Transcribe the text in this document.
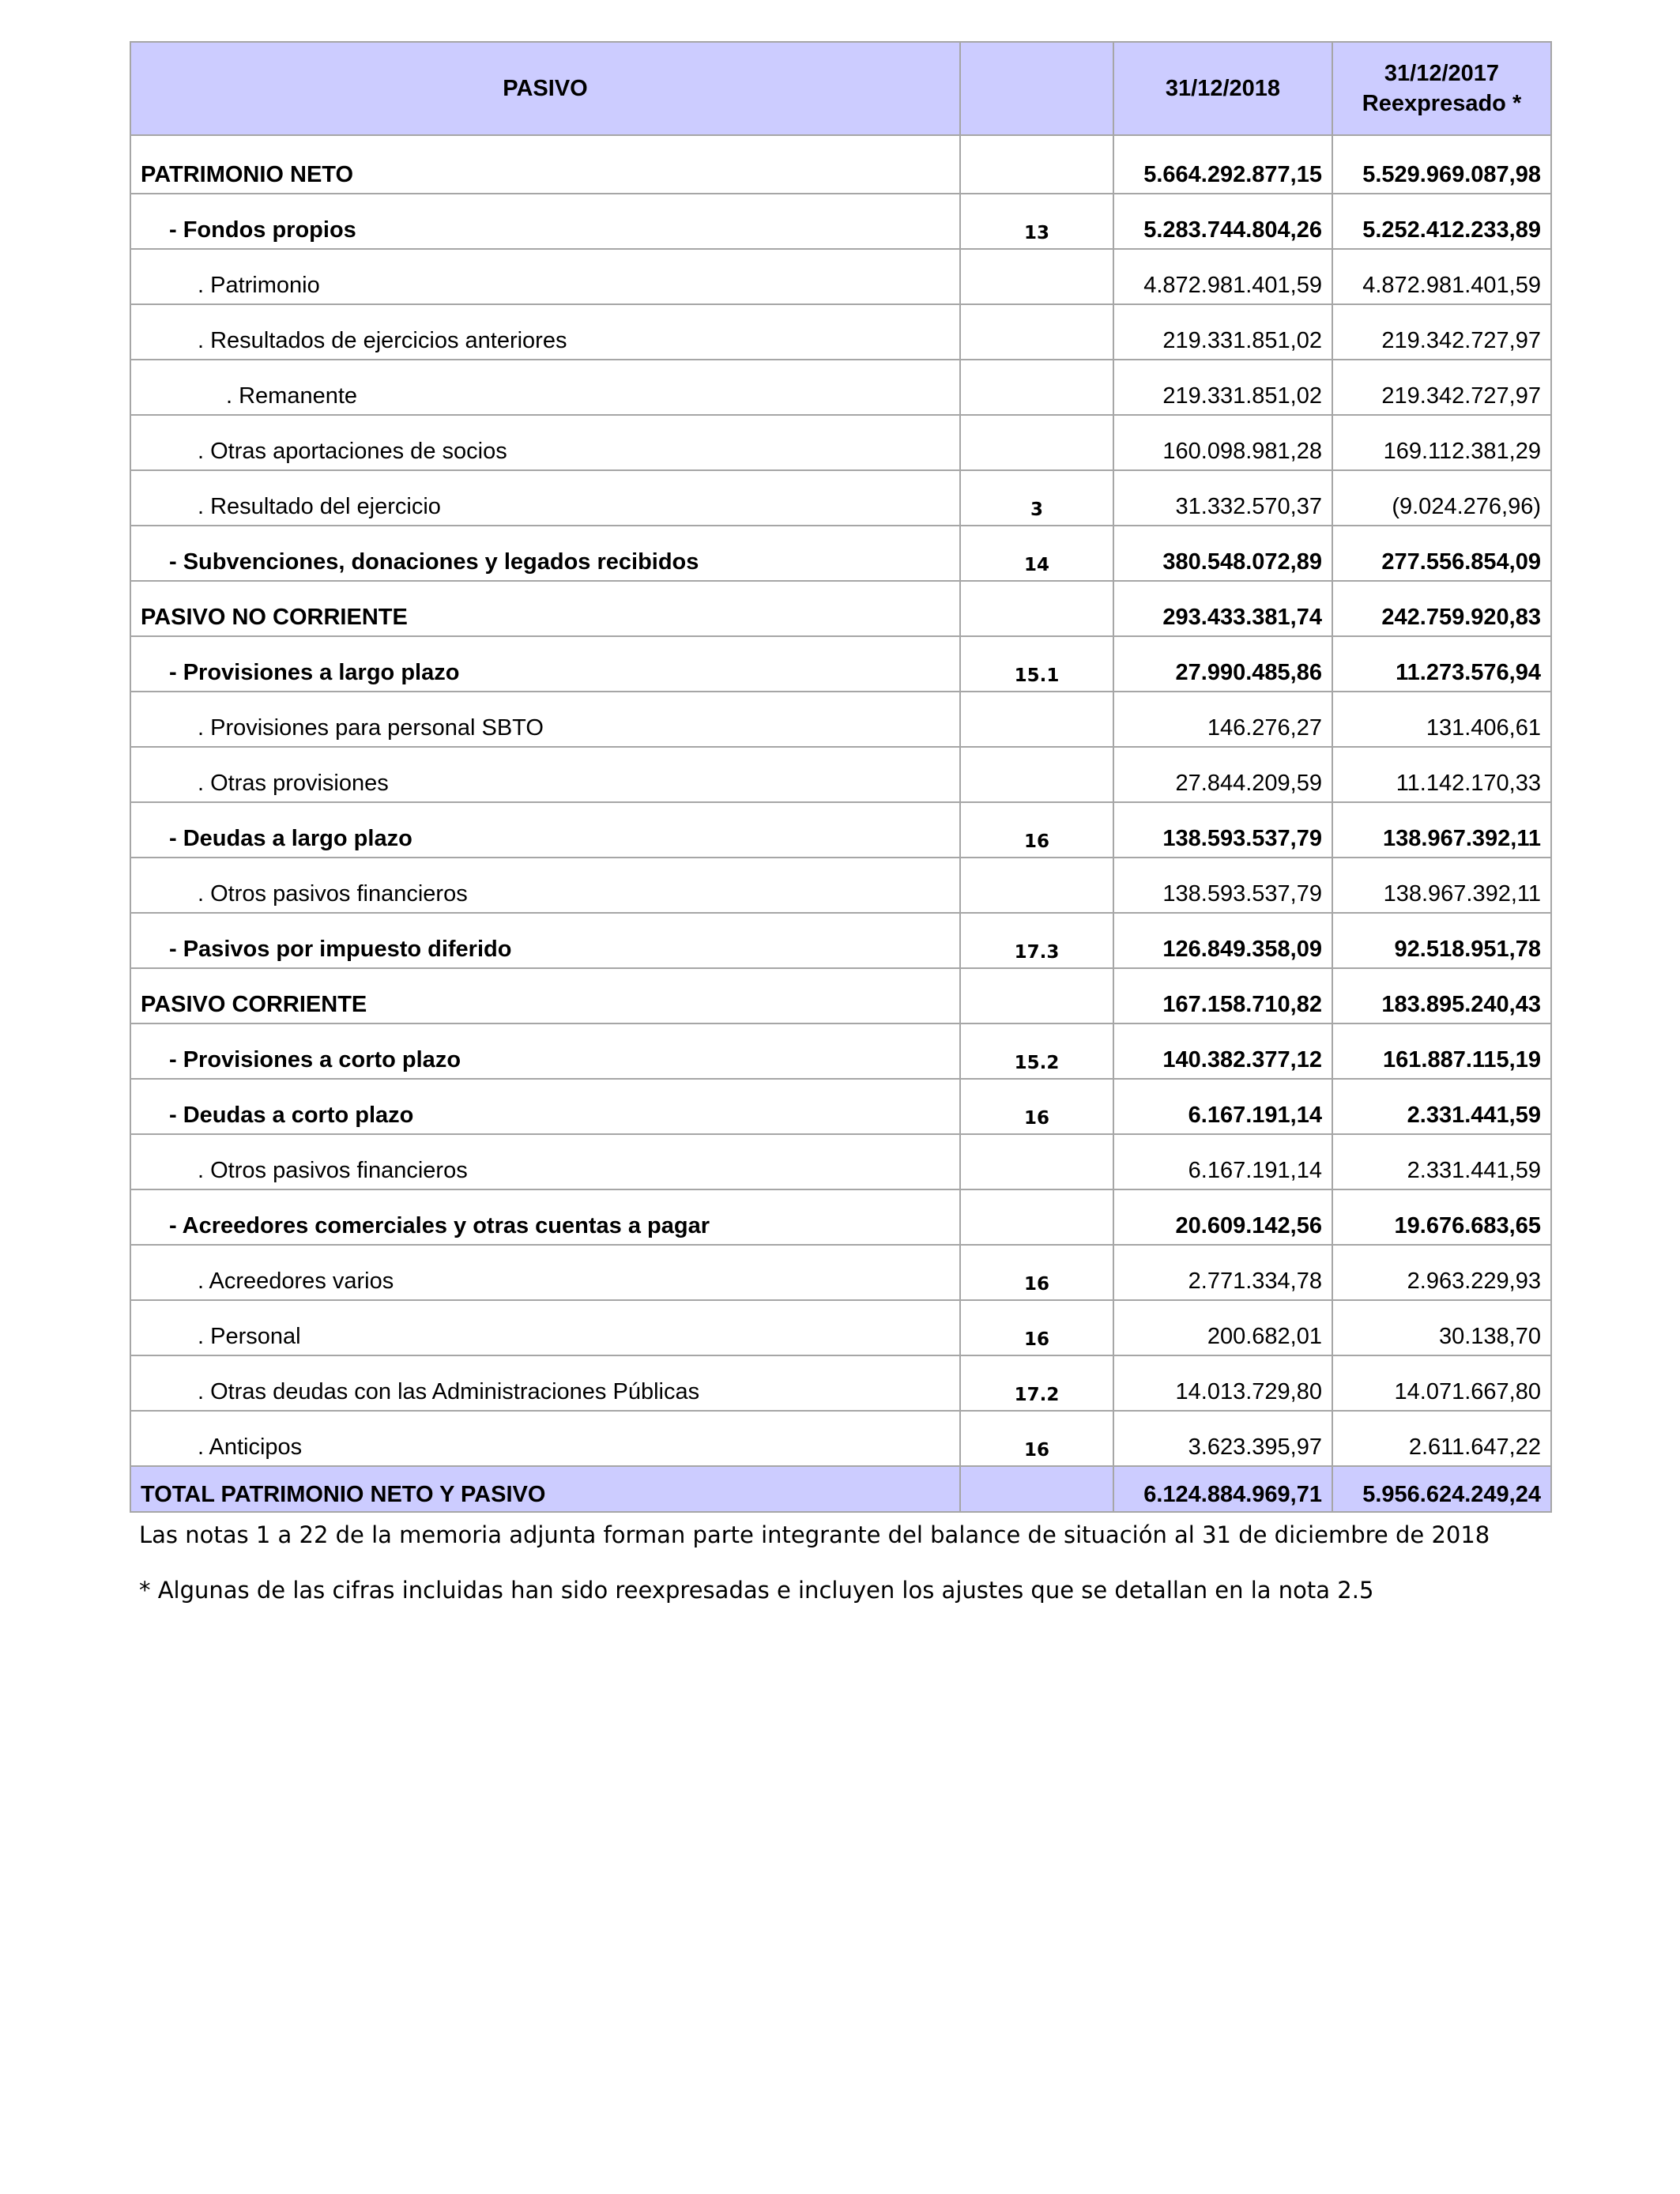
PASIVO		31/12/2018	31/12/2017
Reexpresado *

PATRIMONIO NETO		5.664.292.877,15	5.529.969.087,98
- Fondos propios	13	5.283.744.804,26	5.252.412.233,89
. Patrimonio		4.872.981.401,59	4.872.981.401,59
. Resultados de ejercicios anteriores		219.331.851,02	219.342.727,97
. Remanente		219.331.851,02	219.342.727,97
. Otras aportaciones de socios		160.098.981,28	169.112.381,29
. Resultado del ejercicio	3	31.332.570,37	(9.024.276,96)
- Subvenciones, donaciones y legados recibidos	14	380.548.072,89	277.556.854,09
PASIVO NO CORRIENTE		293.433.381,74	242.759.920,83
- Provisiones a largo plazo	15.1	27.990.485,86	11.273.576,94
. Provisiones para personal SBTO		146.276,27	131.406,61
. Otras provisiones		27.844.209,59	11.142.170,33
- Deudas a largo plazo	16	138.593.537,79	138.967.392,11
. Otros pasivos financieros		138.593.537,79	138.967.392,11
- Pasivos por impuesto diferido	17.3	126.849.358,09	92.518.951,78
PASIVO CORRIENTE		167.158.710,82	183.895.240,43
- Provisiones a corto plazo	15.2	140.382.377,12	161.887.115,19
- Deudas a corto plazo	16	6.167.191,14	2.331.441,59
. Otros pasivos financieros		6.167.191,14	2.331.441,59
- Acreedores comerciales y otras cuentas a pagar		20.609.142,56	19.676.683,65
. Acreedores varios	16	2.771.334,78	2.963.229,93
. Personal	16	200.682,01	30.138,70
. Otras deudas con las Administraciones Públicas	17.2	14.013.729,80	14.071.667,80
. Anticipos	16	3.623.395,97	2.611.647,22
TOTAL PATRIMONIO NETO Y PASIVO		6.124.884.969,71	5.956.624.249,24

Las notas 1 a 22 de la memoria adjunta forman parte integrante del balance de situación al 31 de diciembre de 2018

* Algunas de las cifras incluidas han sido reexpresadas e incluyen los ajustes que se detallan en la nota 2.5
